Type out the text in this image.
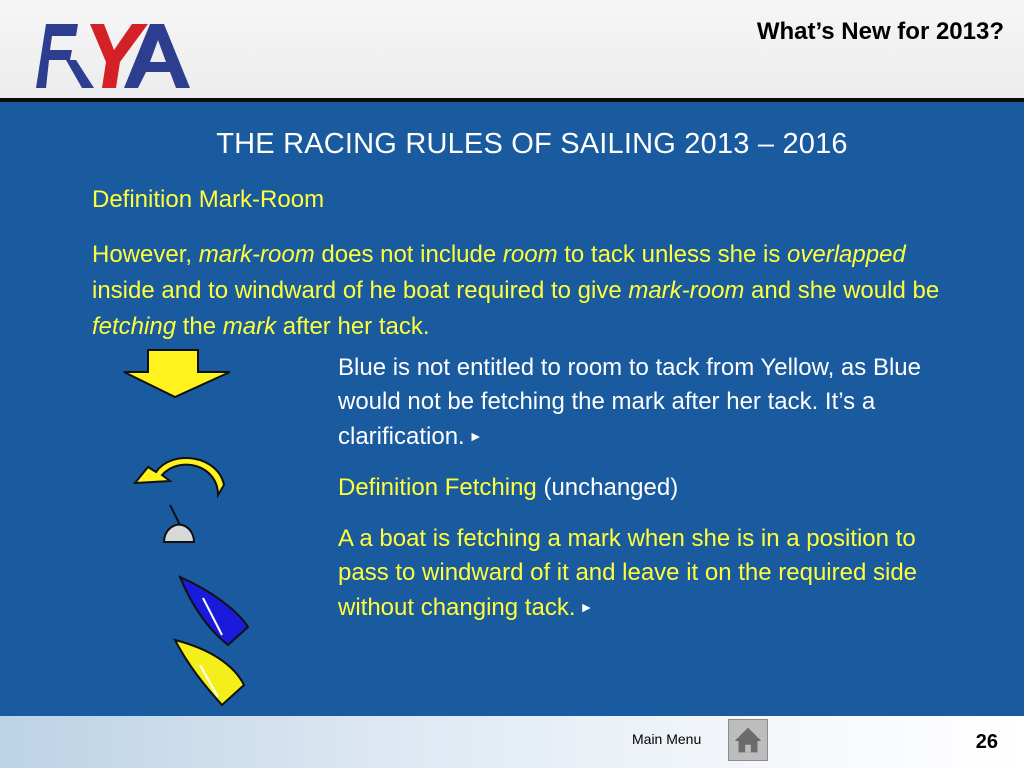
RYA
What’s New for 2013?
THE RACING RULES OF SAILING 2013 – 2016
Definition Mark-Room
However, mark-room does not include room to tack unless she is overlapped inside and to windward of he boat required to give mark-room and she would be fetching the mark after her tack.
Blue is not entitled to room to tack from Yellow, as Blue would not be fetching the mark after her tack. It’s a clarification. ►
Definition Fetching (unchanged)
A a boat is fetching a mark when she is in a position to pass to windward of it and leave it on the required side without changing tack. ►
Main Menu	26
